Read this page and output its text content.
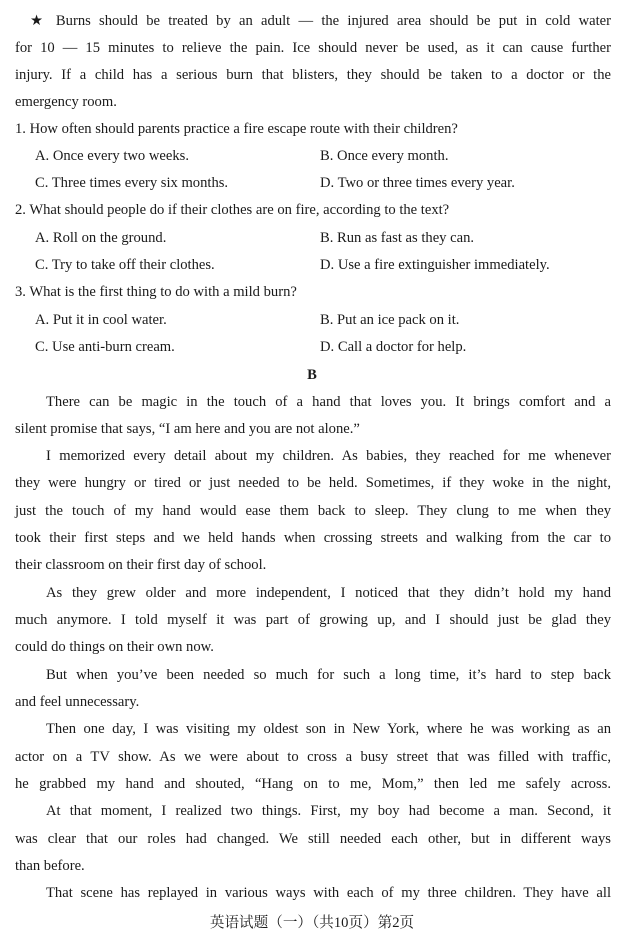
★ Burns should be treated by an adult — the injured area should be put in cold water
for 10 — 15 minutes to relieve the pain. Ice should never be used, as it can cause further
injury. If a child has a serious burn that blisters, they should be taken to a doctor or the
emergency room.
1. How often should parents practice a fire escape route with their children?
A. Once every two weeks.	B. Once every month.
C. Three times every six months.	D. Two or three times every year.
2. What should people do if their clothes are on fire, according to the text?
A. Roll on the ground.	B. Run as fast as they can.
C. Try to take off their clothes.	D. Use a fire extinguisher immediately.
3. What is the first thing to do with a mild burn?
A. Put it in cool water.	B. Put an ice pack on it.
C. Use anti-burn cream.	D. Call a doctor for help.
B
There can be magic in the touch of a hand that loves you. It brings comfort and a
silent promise that says, “I am here and you are not alone.”
I memorized every detail about my children. As babies, they reached for me whenever
they were hungry or tired or just needed to be held. Sometimes, if they woke in the night,
just the touch of my hand would ease them back to sleep. They clung to me when they
took their first steps and we held hands when crossing streets and walking from the car to
their classroom on their first day of school.
As they grew older and more independent, I noticed that they didn’t hold my hand
much anymore. I told myself it was part of growing up, and I should just be glad they
could do things on their own now.
But when you’ve been needed so much for such a long time, it’s hard to step back
and feel unnecessary.
Then one day, I was visiting my oldest son in New York, where he was working as an
actor on a TV show. As we were about to cross a busy street that was filled with traffic,
he grabbed my hand and shouted, “Hang on to me, Mom,” then led me safely across.
At that moment, I realized two things. First, my boy had become a man. Second, it
was clear that our roles had changed. We still needed each other, but in different ways
than before.
That scene has replayed in various ways with each of my three children. They have all
英语试题（一）（共10页）第2页
